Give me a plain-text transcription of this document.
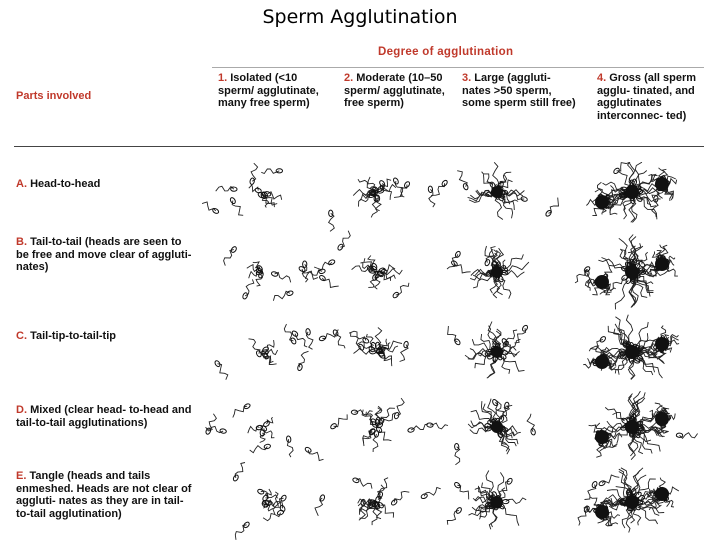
Sperm Agglutination
Degree of agglutination
1. Isolated (<10 sperm/ agglutinate, many free sperm)
2. Moderate (10–50 sperm/ agglutinate, free sperm)
3. Large (aggluti- nates >50 sperm, some sperm still free)
4. Gross (all sperm agglu- tinated, and agglutinates interconnec- ted)
Parts involved
A. Head-to-head
B. Tail-to-tail (heads are seen to be free and move clear of aggluti- nates)
C. Tail-tip-to-tail-tip
D. Mixed (clear head- to-head and tail-to-tail agglutinations)
E. Tangle (heads and tails enmeshed. Heads are not clear of aggluti- nates as they are in tail- to-tail agglutination)
